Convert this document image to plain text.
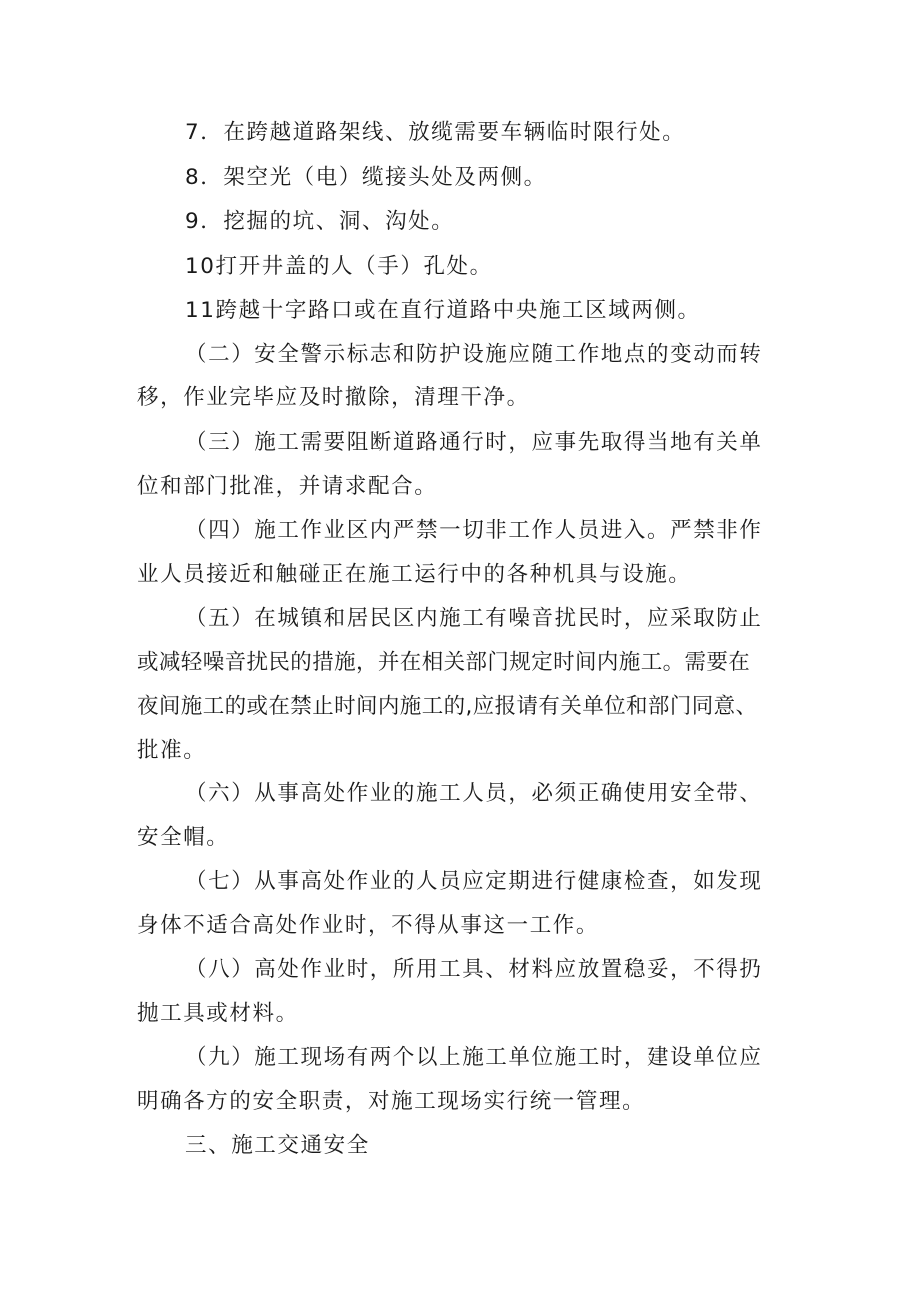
7．在跨越道路架线、放缆需要车辆临时限行处。
8．架空光（电）缆接头处及两侧。
9．挖掘的坑、洞、沟处。
10打开井盖的人（手）孔处。
11跨越十字路口或在直行道路中央施工区域两侧。
（二）安全警示标志和防护设施应随工作地点的变动而转
移，作业完毕应及时撤除，清理干净。
（三）施工需要阻断道路通行时，应事先取得当地有关单
位和部门批准，并请求配合。
（四）施工作业区内严禁一切非工作人员进入。严禁非作
业人员接近和触碰正在施工运行中的各种机具与设施。
（五）在城镇和居民区内施工有噪音扰民时，应采取防止
或减轻噪音扰民的措施，并在相关部门规定时间内施工。需要在
夜间施工的或在禁止时间内施工的,应报请有关单位和部门同意、
批准。
（六）从事高处作业的施工人员，必须正确使用安全带、
安全帽。
（七）从事高处作业的人员应定期进行健康检查，如发现
身体不适合高处作业时，不得从事这一工作。
（八）高处作业时，所用工具、材料应放置稳妥，不得扔
抛工具或材料。
（九）施工现场有两个以上施工单位施工时，建设单位应
明确各方的安全职责，对施工现场实行统一管理。
三、施工交通安全
